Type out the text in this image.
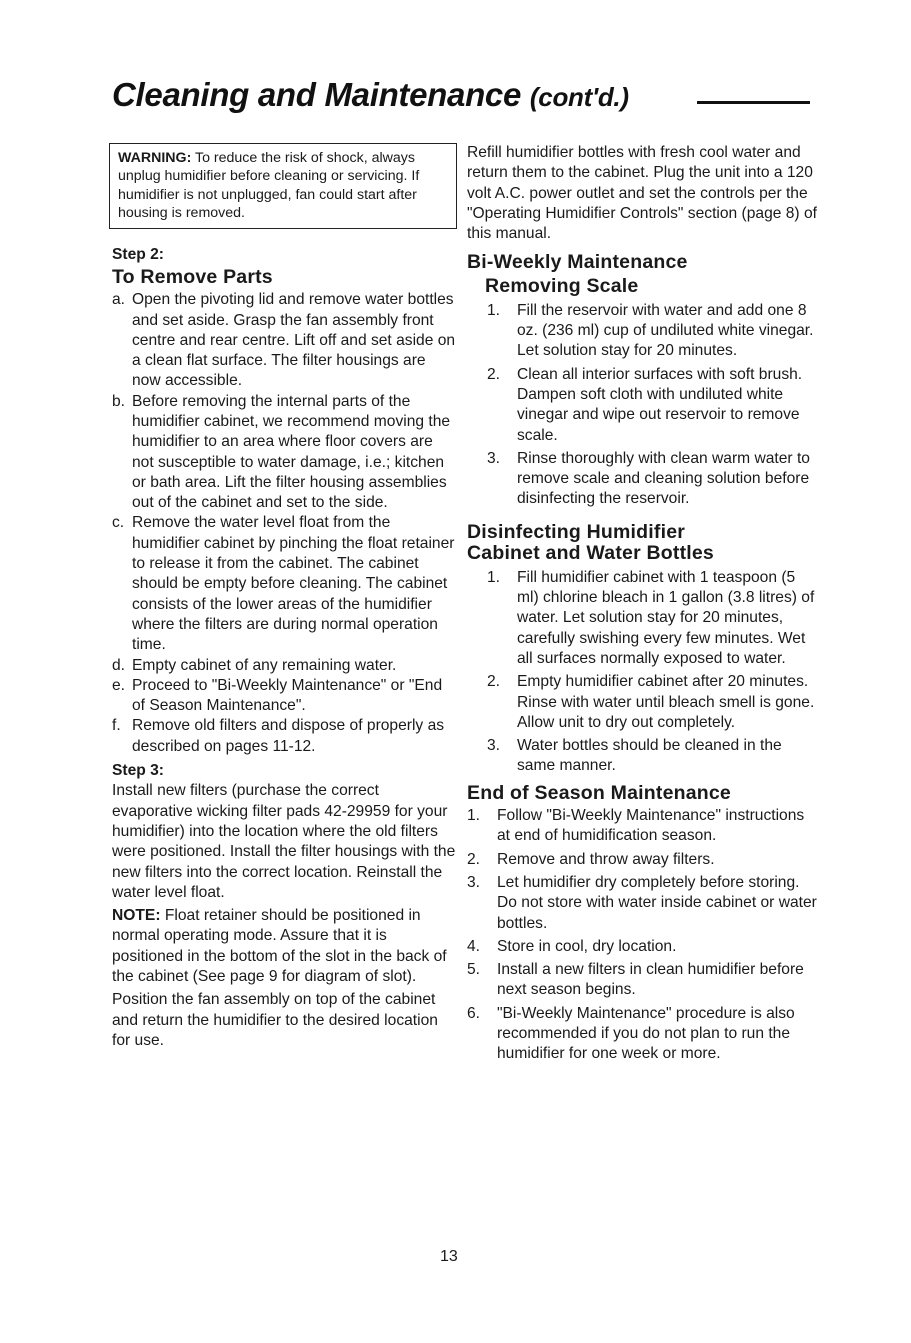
Cleaning and Maintenance (cont'd.)
WARNING: To reduce the risk of shock, always unplug humidifier before cleaning or servicing. If humidifier is not unplugged, fan could start after housing is removed.
Step 2:
To Remove Parts
a. Open the pivoting lid and remove water bottles and set aside. Grasp the fan assembly front centre and rear centre. Lift off and set aside on a clean flat surface. The filter housings are now accessible.
b. Before removing the internal parts of the humidifier cabinet, we recommend moving the humidifier to an area where floor covers are not susceptible to water damage, i.e.; kitchen or bath area. Lift the filter housing assemblies out of the cabinet and set to the side.
c. Remove the water level float from the humidifier cabinet by pinching the float retainer to release it from the cabinet. The cabinet should be empty before cleaning. The cabinet consists of the lower areas of the humidifier where the filters are during normal operation time.
d. Empty cabinet of any remaining water.
e. Proceed to "Bi-Weekly Maintenance" or "End of Season Maintenance".
f. Remove old filters and dispose of properly as described on pages 11-12.
Step 3:

Install new filters (purchase the correct evaporative wicking filter pads 42-29959 for your humidifier) into the location where the old filters were positioned. Install the filter housings with the new filters into the correct location. Reinstall the water level float.

NOTE: Float retainer should be positioned in normal operating mode. Assure that it is positioned in the bottom of the slot in the back of the cabinet (See page 9 for diagram of slot).

Position the fan assembly on top of the cabinet and return the humidifier to the desired location for use.

Refill humidifier bottles with fresh cool water and return them to the cabinet. Plug the unit into a 120 volt A.C. power outlet and set the controls per the "Operating Humidifier Controls" section (page 8) of this manual.

Bi-Weekly Maintenance
Removing Scale
1.	Fill the reservoir with water and add one 8 oz. (236 ml) cup of undiluted white vinegar. Let solution stay for 20 minutes.
2.	Clean all interior surfaces with soft brush. Dampen soft cloth with undiluted white vinegar and wipe out reservoir to remove scale.
3.	Rinse thoroughly with clean warm water to remove scale and cleaning solution before disinfecting the reservoir.
Disinfecting Humidifier
Cabinet and Water Bottles
1.	Fill humidifier cabinet with 1 teaspoon (5 ml) chlorine bleach in 1 gallon (3.8 litres) of water. Let solution stay for 20 minutes, carefully swishing every few minutes. Wet all surfaces normally exposed to water.
2.	Empty humidifier cabinet after 20 minutes. Rinse with water until bleach smell is gone. Allow unit to dry out completely.
3.	Water bottles should be cleaned in the same manner.
End of Season Maintenance
1.	Follow "Bi-Weekly Maintenance" instructions at end of humidification season.
2.	Remove and throw away filters.
3.	Let humidifier dry completely before storing. Do not store with water inside cabinet or water bottles.
4.	Store in cool, dry location.
5.	Install a new filters in clean humidifier before next season begins.
6.	"Bi-Weekly Maintenance" procedure is also recommended if you do not plan to run the humidifier for one week or more.
13
